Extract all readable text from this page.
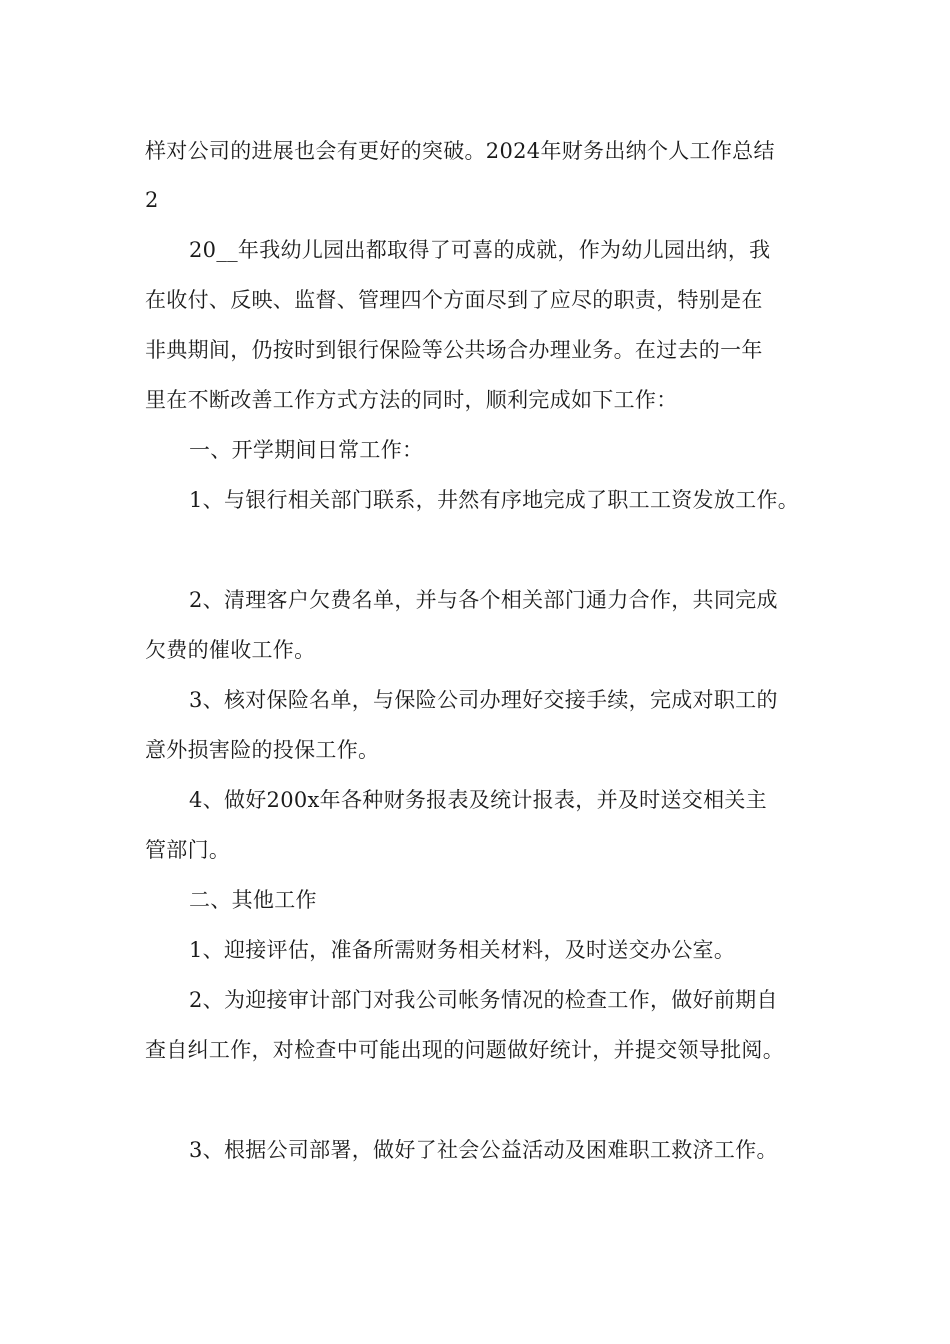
样对公司的进展也会有更好的突破。2024年财务出纳个人工作总结
2
20__年我幼儿园出都取得了可喜的成就，作为幼儿园出纳，我
在收付、反映、监督、管理四个方面尽到了应尽的职责，特别是在
非典期间，仍按时到银行保险等公共场合办理业务。在过去的一年
里在不断改善工作方式方法的同时，顺利完成如下工作：
一、开学期间日常工作：
1、与银行相关部门联系，井然有序地完成了职工工资发放工作。
2、清理客户欠费名单，并与各个相关部门通力合作，共同完成
欠费的催收工作。
3、核对保险名单，与保险公司办理好交接手续，完成对职工的
意外损害险的投保工作。
4、做好200x年各种财务报表及统计报表，并及时送交相关主
管部门。
二、其他工作
1、迎接评估，准备所需财务相关材料，及时送交办公室。
2、为迎接审计部门对我公司帐务情况的检查工作，做好前期自
查自纠工作，对检查中可能出现的问题做好统计，并提交领导批阅。
3、根据公司部署，做好了社会公益活动及困难职工救济工作。
